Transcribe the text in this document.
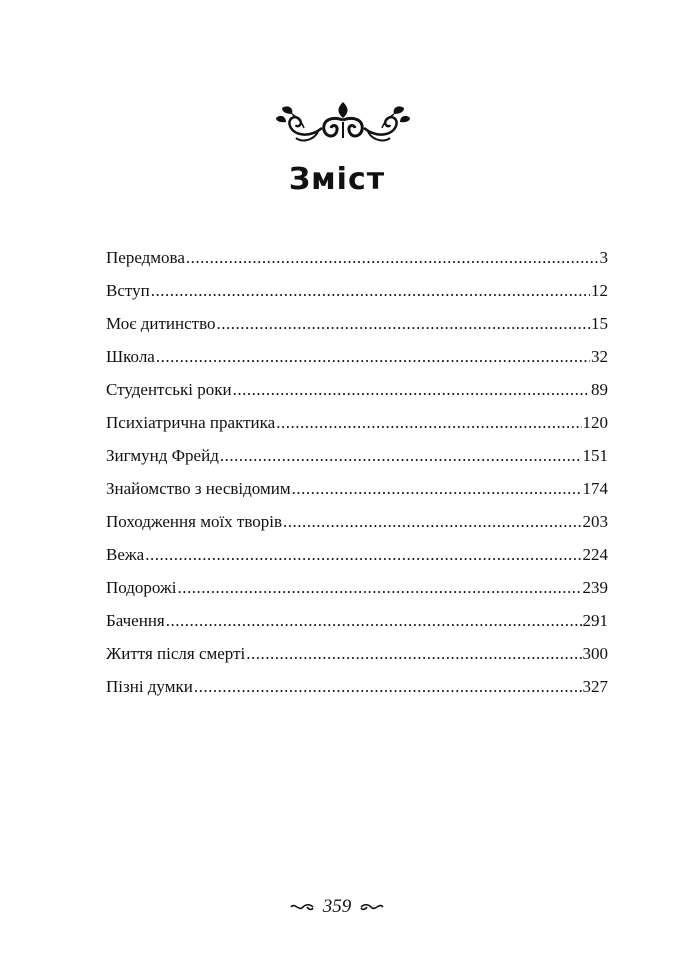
Зміст
Передмова .....	3
Вступ .....	12
Моє дитинство .....	15
Школа .....	32
Студентські роки .....	89
Психіатрична практика .....	120
Зигмунд Фрейд .....	151
Знайомство з несвідомим .....	174
Походження моїх творів .....	203
Вежа .....	224
Подорожі .....	239
Бачення .....	291
Життя після смерті .....	300
Пізні думки .....	327
359
